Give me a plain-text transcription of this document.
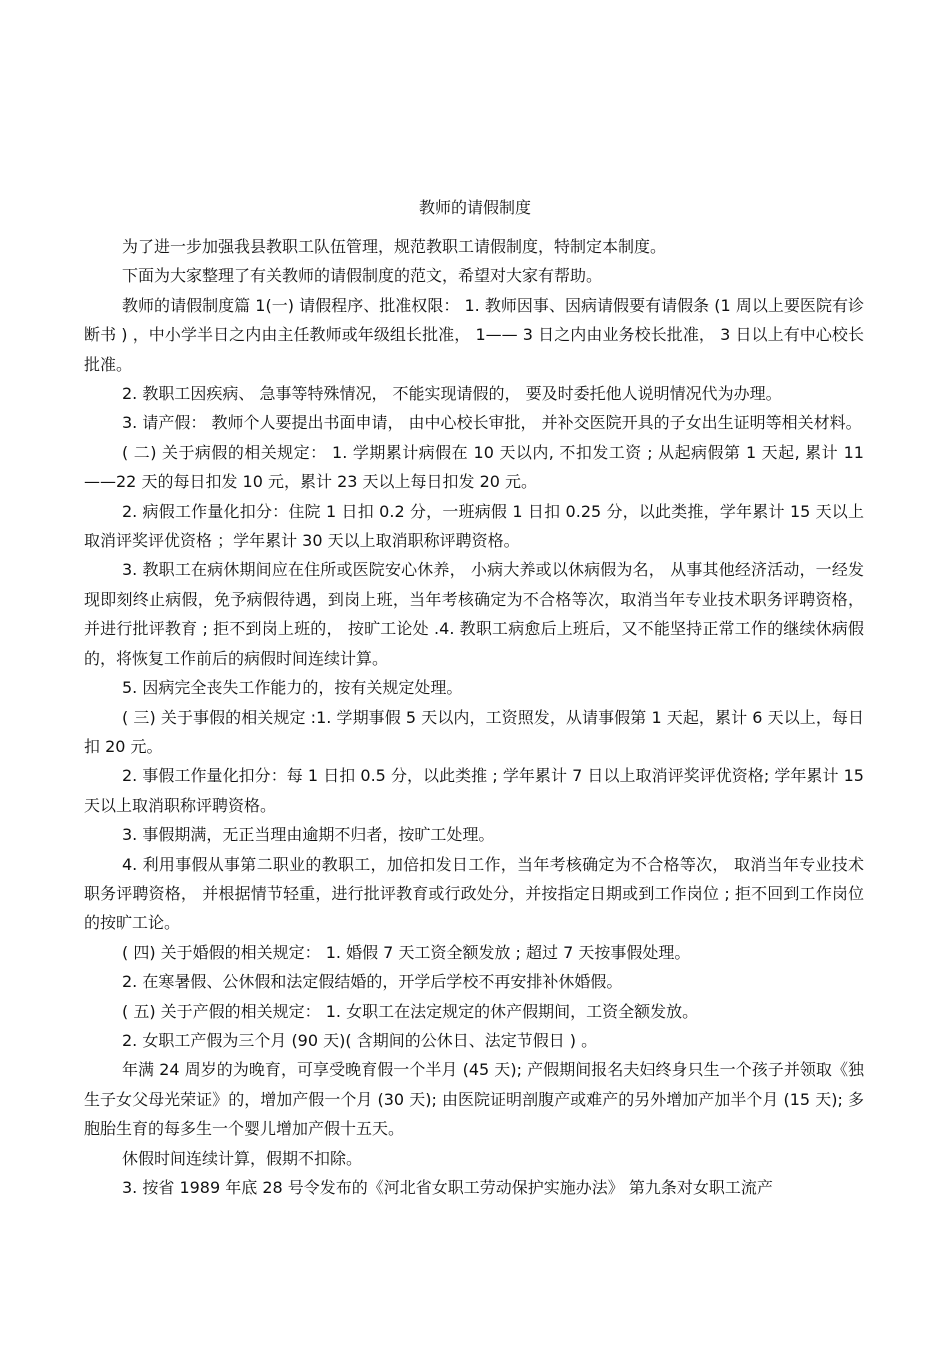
教师的请假制度

为了进一步加强我县教职工队伍管理，规范教职工请假制度，特制定本制度。

下面为大家整理了有关教师的请假制度的范文，希望对大家有帮助。

教师的请假制度篇 1(一) 请假程序、批准权限： 1. 教师因事、因病请假要有请假条 (1 周以上要医院有诊断书 ) ，中小学半日之内由主任教师或年级组长批准， 1—— 3 日之内由业务校长批准， 3 日以上有中心校长批准。

2. 教职工因疾病、 急事等特殊情况， 不能实现请假的， 要及时委托他人说明情况代为办理。

3. 请产假： 教师个人要提出书面申请， 由中心校长审批， 并补交医院开具的子女出生证明等相关材料。

( 二) 关于病假的相关规定： 1. 学期累计病假在 10 天以内, 不扣发工资 ; 从起病假第 1 天起, 累计 11——22 天的每日扣发 10 元，累计 23 天以上每日扣发 20 元。

2. 病假工作量化扣分：住院 1 日扣 0.2 分，一班病假 1 日扣 0.25 分，以此类推，学年累计 15 天以上取消评奖评优资格 ；学年累计 30 天以上取消职称评聘资格。

3. 教职工在病休期间应在住所或医院安心休养， 小病大养或以休病假为名， 从事其他经济活动，一经发现即刻终止病假，免予病假待遇，到岗上班，当年考核确定为不合格等次，取消当年专业技术职务评聘资格， 并进行批评教育 ; 拒不到岗上班的， 按旷工论处 .4. 教职工病愈后上班后，又不能坚持正常工作的继续休病假的，将恢复工作前后的病假时间连续计算。

5. 因病完全丧失工作能力的，按有关规定处理。

( 三) 关于事假的相关规定 :1. 学期事假 5 天以内，工资照发，从请事假第 1 天起，累计 6 天以上，每日扣 20 元。

2. 事假工作量化扣分：每 1 日扣 0.5 分，以此类推 ; 学年累计 7 日以上取消评奖评优资格; 学年累计 15 天以上取消职称评聘资格。

3. 事假期满，无正当理由逾期不归者，按旷工处理。

4. 利用事假从事第二职业的教职工，加倍扣发日工作，当年考核确定为不合格等次， 取消当年专业技术职务评聘资格， 并根据情节轻重，进行批评教育或行政处分，并按指定日期或到工作岗位 ; 拒不回到工作岗位的按旷工论。

( 四) 关于婚假的相关规定： 1. 婚假 7 天工资全额发放 ; 超过 7 天按事假处理。

2. 在寒暑假、公休假和法定假结婚的，开学后学校不再安排补休婚假。

( 五) 关于产假的相关规定： 1. 女职工在法定规定的休产假期间，工资全额发放。

2. 女职工产假为三个月 (90 天)( 含期间的公休日、法定节假日 ) 。

年满 24 周岁的为晚育，可享受晚育假一个半月 (45 天); 产假期间报名夫妇终身只生一个孩子并领取《独生子女父母光荣证》的，增加产假一个月 (30 天); 由医院证明剖腹产或难产的另外增加产加半个月 (15 天); 多胞胎生育的每多生一个婴儿增加产假十五天。

休假时间连续计算，假期不扣除。

3. 按省 1989 年底 28 号令发布的《河北省女职工劳动保护实施办法》 第九条对女职工流产
